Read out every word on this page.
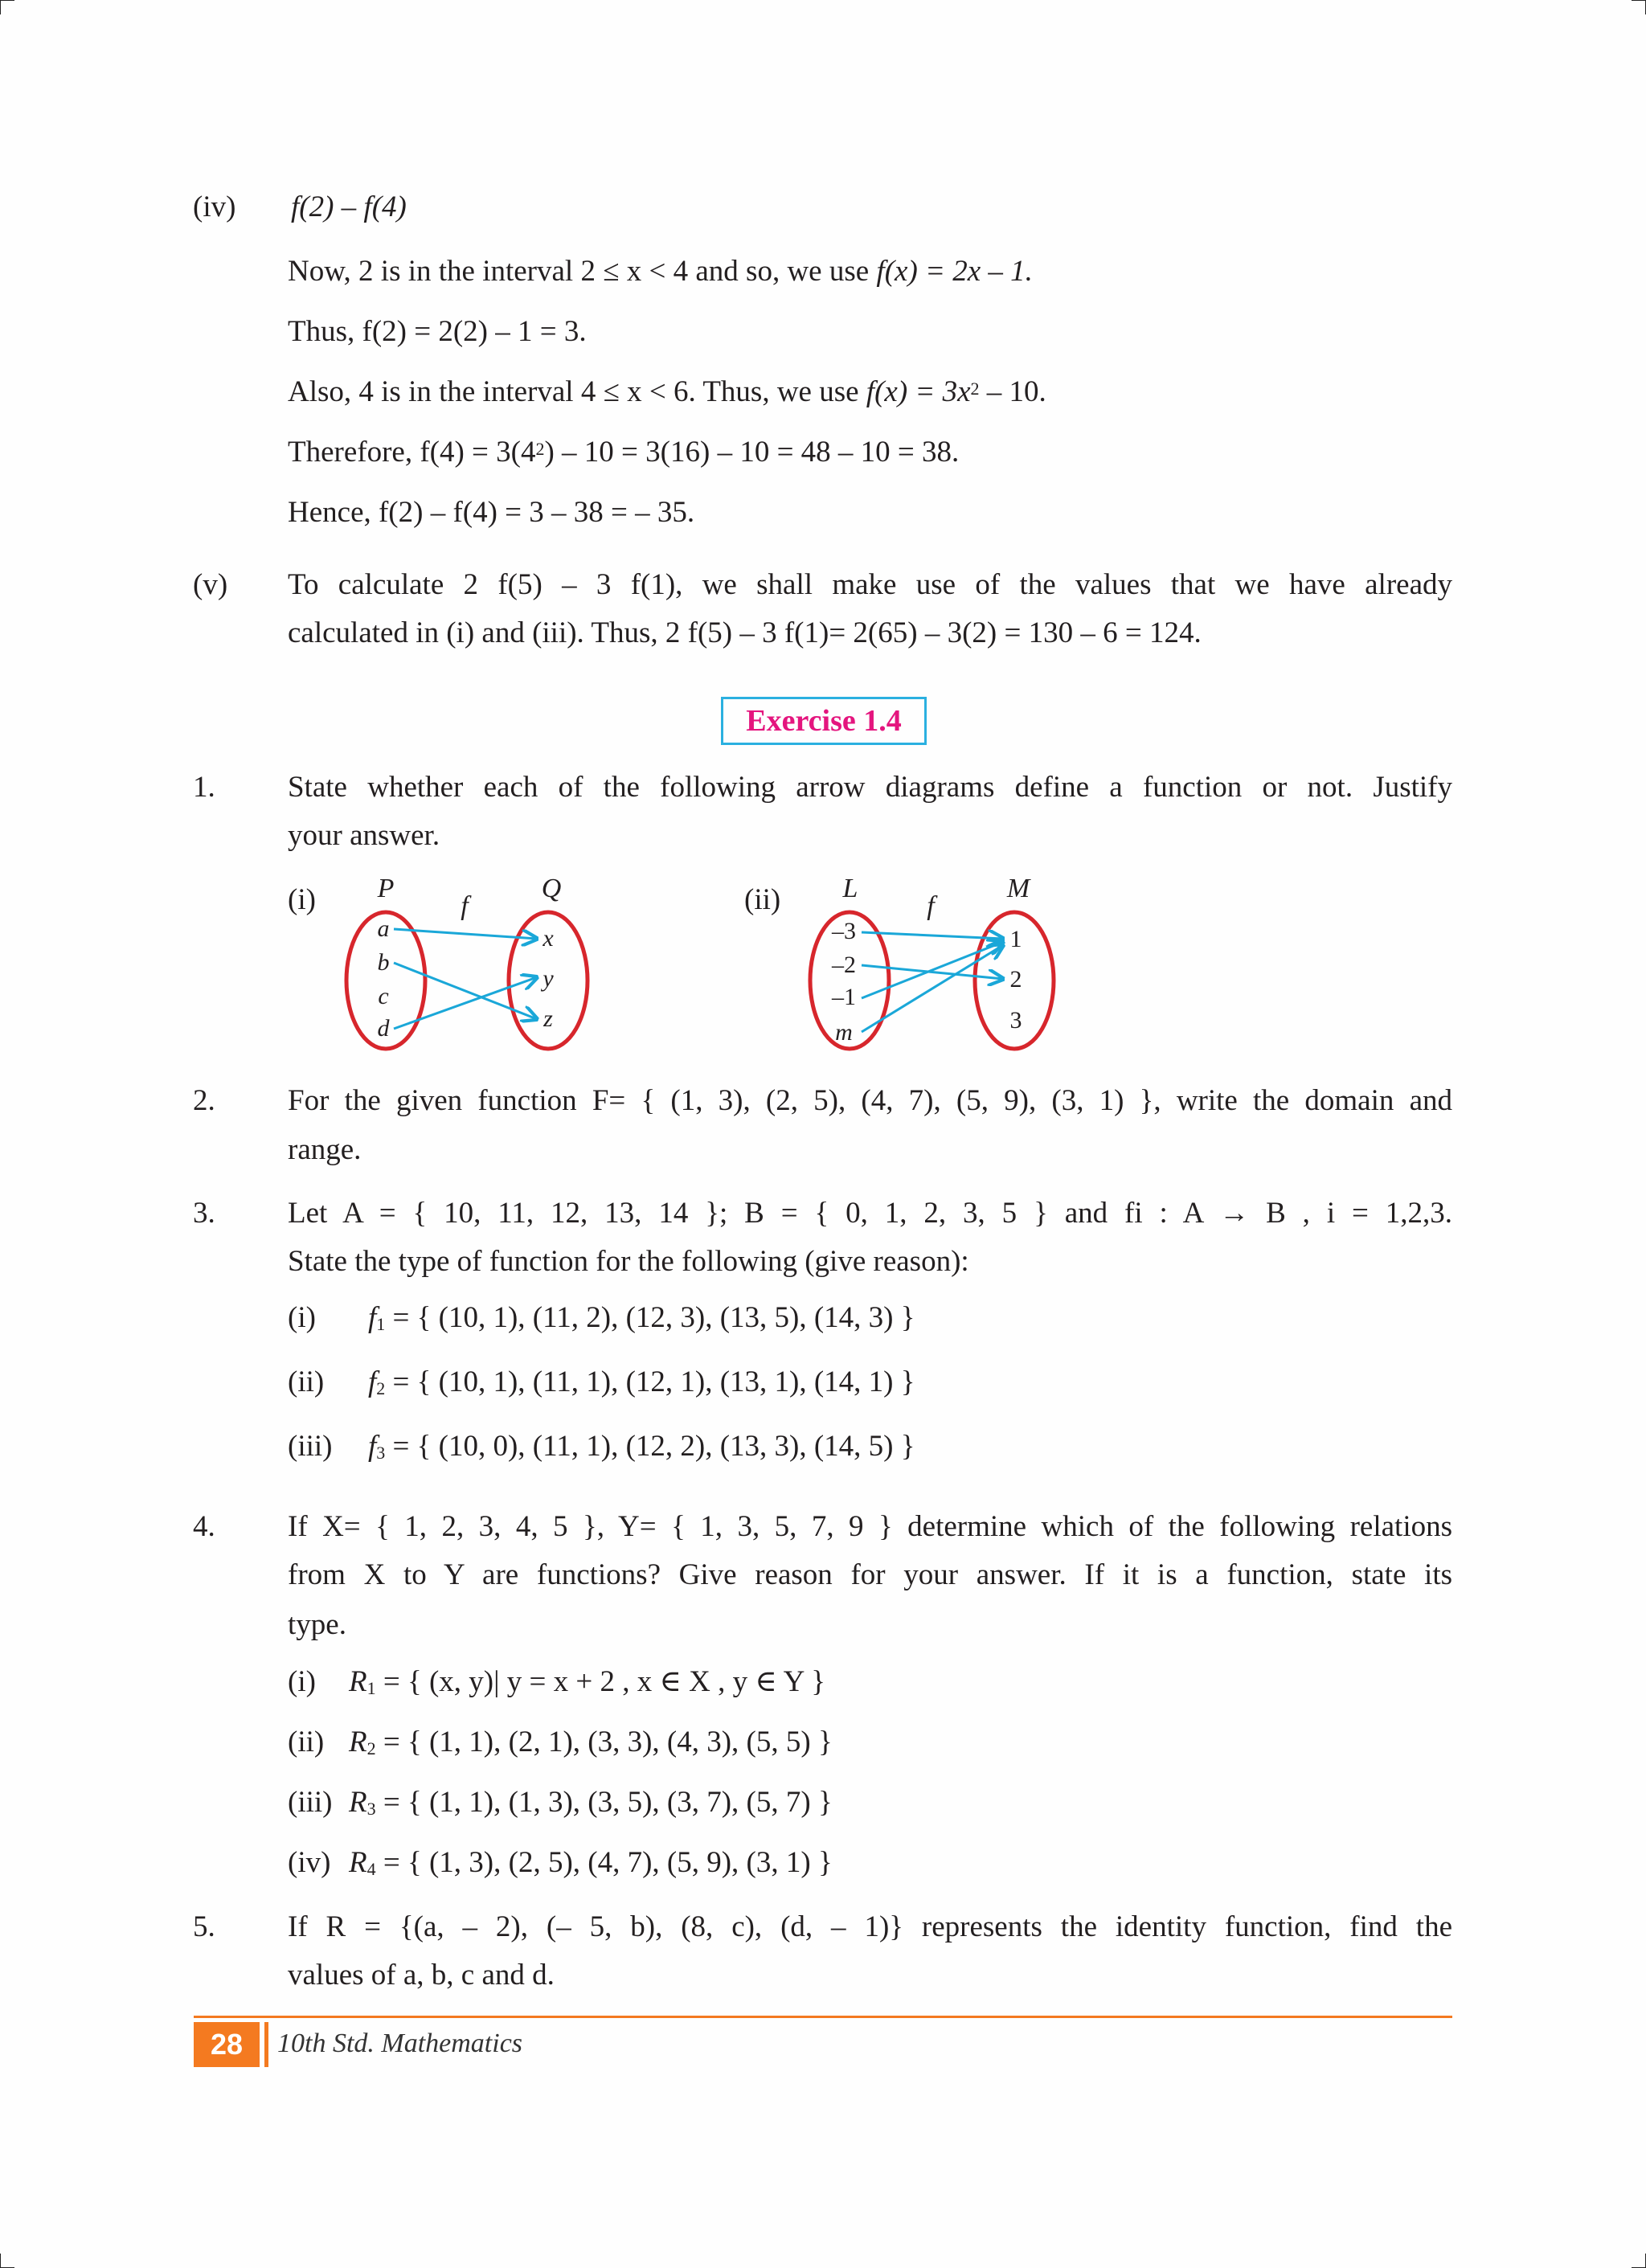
(iv) f(2) – f(4)
Now, 2 is in the interval 2 ≤ x < 4 and so, we use f(x) = 2x – 1.
Thus, f(2) = 2(2) – 1 = 3.
Also, 4 is in the interval 4 ≤ x < 6. Thus, we use $f(x) = 3x^2 - 10$.
Therefore, $f(4) = 3(4^2) - 10 = 3(16) - 10 = 48 - 10 = 38$.
Hence, f(2) – f(4) = 3 – 38 = – 35.
(v) To calculate 2 f(5) – 3 f(1), we shall make use of the values that we have already
calculated in (i) and (iii). Thus, 2 f(5) – 3 f(1)= 2(65) – 3(2) = 130 – 6 = 124.
Exercise 1.4
1. State whether each of the following arrow diagrams define a function or not. Justify
your answer.
(i) P
f
Q
a
b
c
d
x
y
z
(ii) L
f
M
–3
–2
–1
m
1
2
3
2. For the given function F= { (1, 3), (2, 5), (4, 7), (5, 9), (3, 1) }, write the domain and
range.
3. Let A = { 10, 11, 12, 13, 14 }; B = { 0, 1, 2, 3, 5 } and fi : A → B , i = 1,2,3.
State the type of function for the following (give reason):
(i) $f_1$ = { (10, 1), (11, 2), (12, 3), (13, 5), (14, 3) }
(ii) $f_2$ = { (10, 1), (11, 1), (12, 1), (13, 1), (14, 1) }
(iii) $f_3$ = { (10, 0), (11, 1), (12, 2), (13, 3), (14, 5) }
4. If X= { 1, 2, 3, 4, 5 }, Y= { 1, 3, 5, 7, 9 } determine which of the following relations
from X to Y are functions? Give reason for your answer. If it is a function, state its
type.
$(i)R_1$ = { (x, y)| y = x + 2 , x ∈ X , y ∈ Y }
$(ii)R_2$ = { (1, 1), (2, 1), (3, 3), (4, 3), (5, 5) }
$(iii)R_3$ = { (1, 1), (1, 3), (3, 5), (3, 7), (5, 7) }
$(iv)R_4$ = { (1, 3), (2, 5), (4, 7), (5, 9), (3, 1) }
5. If R = {(a, – 2), (– 5, b), (8, c), (d, – 1)} represents the identity function, find the
values of a, b, c and d.
28	10th Std. Mathematics
